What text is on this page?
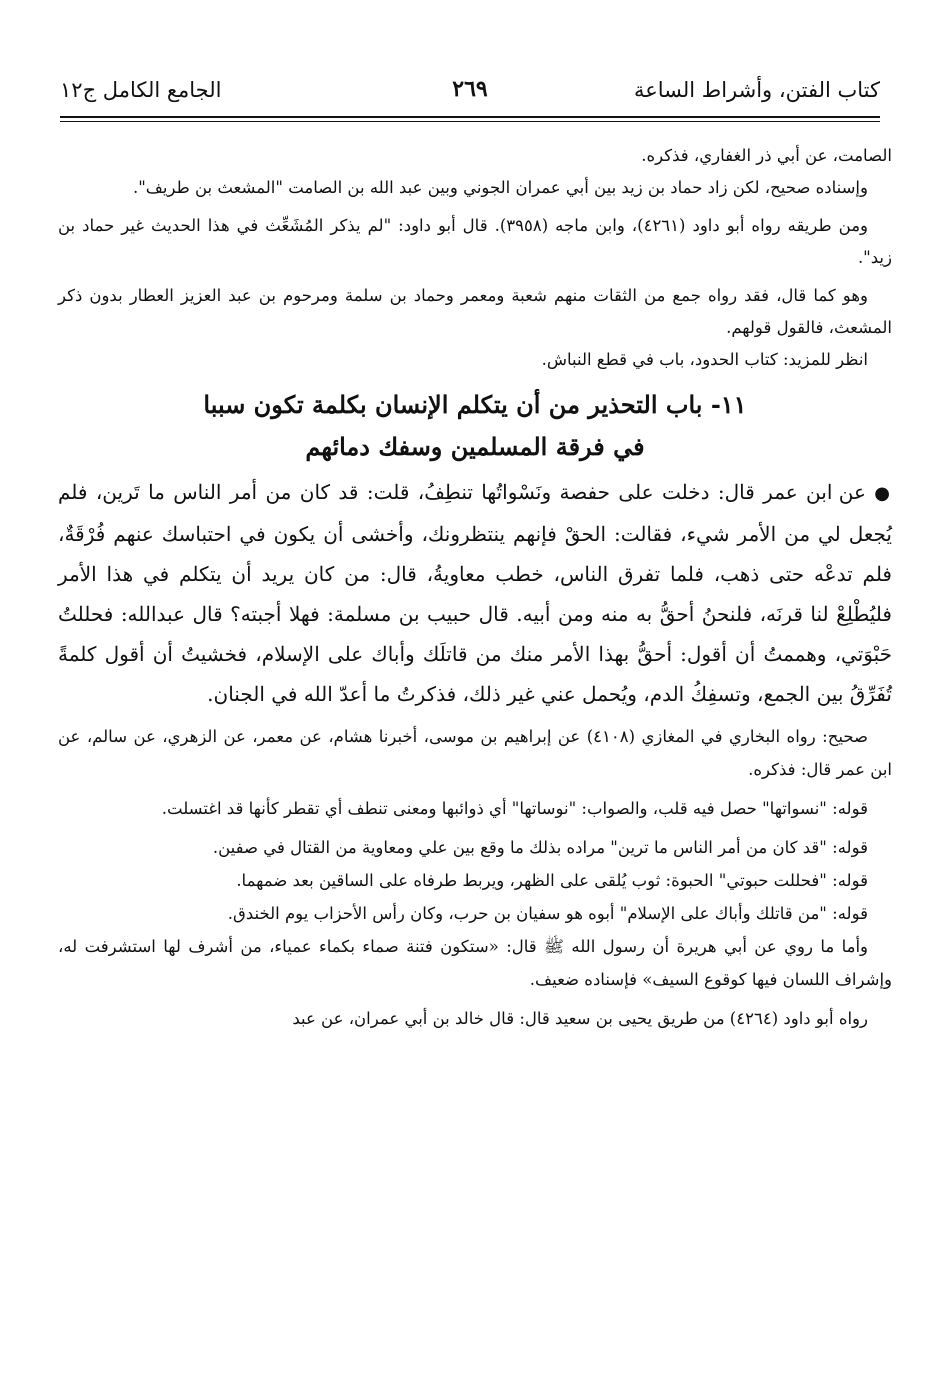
كتاب الفتن، وأشراط الساعة
٢٦٩
الجامع الكامل ج١٢

الصامت، عن أبي ذر الغفاري، فذكره.

وإسناده صحيح، لكن زاد حماد بن زيد بين أبي عمران الجوني وبين عبد الله بن الصامت "المشعث بن طريف".

ومن طريقه رواه أبو داود (٤٢٦١)، وابن ماجه (٣٩٥٨). قال أبو داود: "لم يذكر المُشَعِّث في هذا الحديث غير حماد بن زيد".

وهو كما قال، فقد رواه جمع من الثقات منهم شعبة ومعمر وحماد بن سلمة ومرحوم بن عبد العزيز العطار بدون ذكر المشعث، فالقول قولهم.

انظر للمزيد: كتاب الحدود، باب في قطع النباش.

١١- باب التحذير من أن يتكلم الإنسان بكلمة تكون سببا
في فرقة المسلمين وسفك دمائهم

● عن ابن عمر قال: دخلت على حفصة ونَسْواتُها تنطِفُ، قلت: قد كان من أمر الناس ما تَرين، فلم يُجعل لي من الأمر شيء، فقالت: الحقْ فإنهم ينتظرونك، وأخشى أن يكون في احتباسك عنهم فُرْقَةٌ، فلم تدعْه حتى ذهب، فلما تفرق الناس، خطب معاويةُ، قال: من كان يريد أن يتكلم في هذا الأمر فليُطْلِعْ لنا قرنَه، فلنحنُ أحقُّ به منه ومن أبيه. قال حبيب بن مسلمة: فهلا أجبته؟ قال عبدالله: فحللتُ حَبْوَتي، وهممتُ أن أقول: أحقُّ بهذا الأمر منك من قاتلَك وأباك على الإسلام، فخشيتُ أن أقول كلمةً تُفَرِّقُ بين الجمع، وتسفِكُ الدم، ويُحمل عني غير ذلك، فذكرتُ ما أعدّ الله في الجنان.

صحيح: رواه البخاري في المغازي (٤١٠٨) عن إبراهيم بن موسى، أخبرنا هشام، عن معمر، عن الزهري، عن سالم، عن ابن عمر قال: فذكره.

قوله: "نسواتها" حصل فيه قلب، والصواب: "نوساتها" أي ذوائبها ومعنى تنطف أي تقطر كأنها قد اغتسلت.

قوله: "قد كان من أمر الناس ما ترين" مراده بذلك ما وقع بين علي ومعاوية من القتال في صفين.

قوله: "فحللت حبوتي" الحبوة: ثوب يُلقى على الظهر، ويربط طرفاه على الساقين بعد ضمهما.

قوله: "من قاتلك وأباك على الإسلام" أبوه هو سفيان بن حرب، وكان رأس الأحزاب يوم الخندق.

وأما ما روي عن أبي هريرة أن رسول الله ﷺ قال: «ستكون فتنة صماء بكماء عمياء، من أشرف لها استشرفت له، وإشراف اللسان فيها كوقوع السيف» فإسناده ضعيف.

رواه أبو داود (٤٢٦٤) من طريق يحيى بن سعيد قال: قال خالد بن أبي عمران، عن عبد
